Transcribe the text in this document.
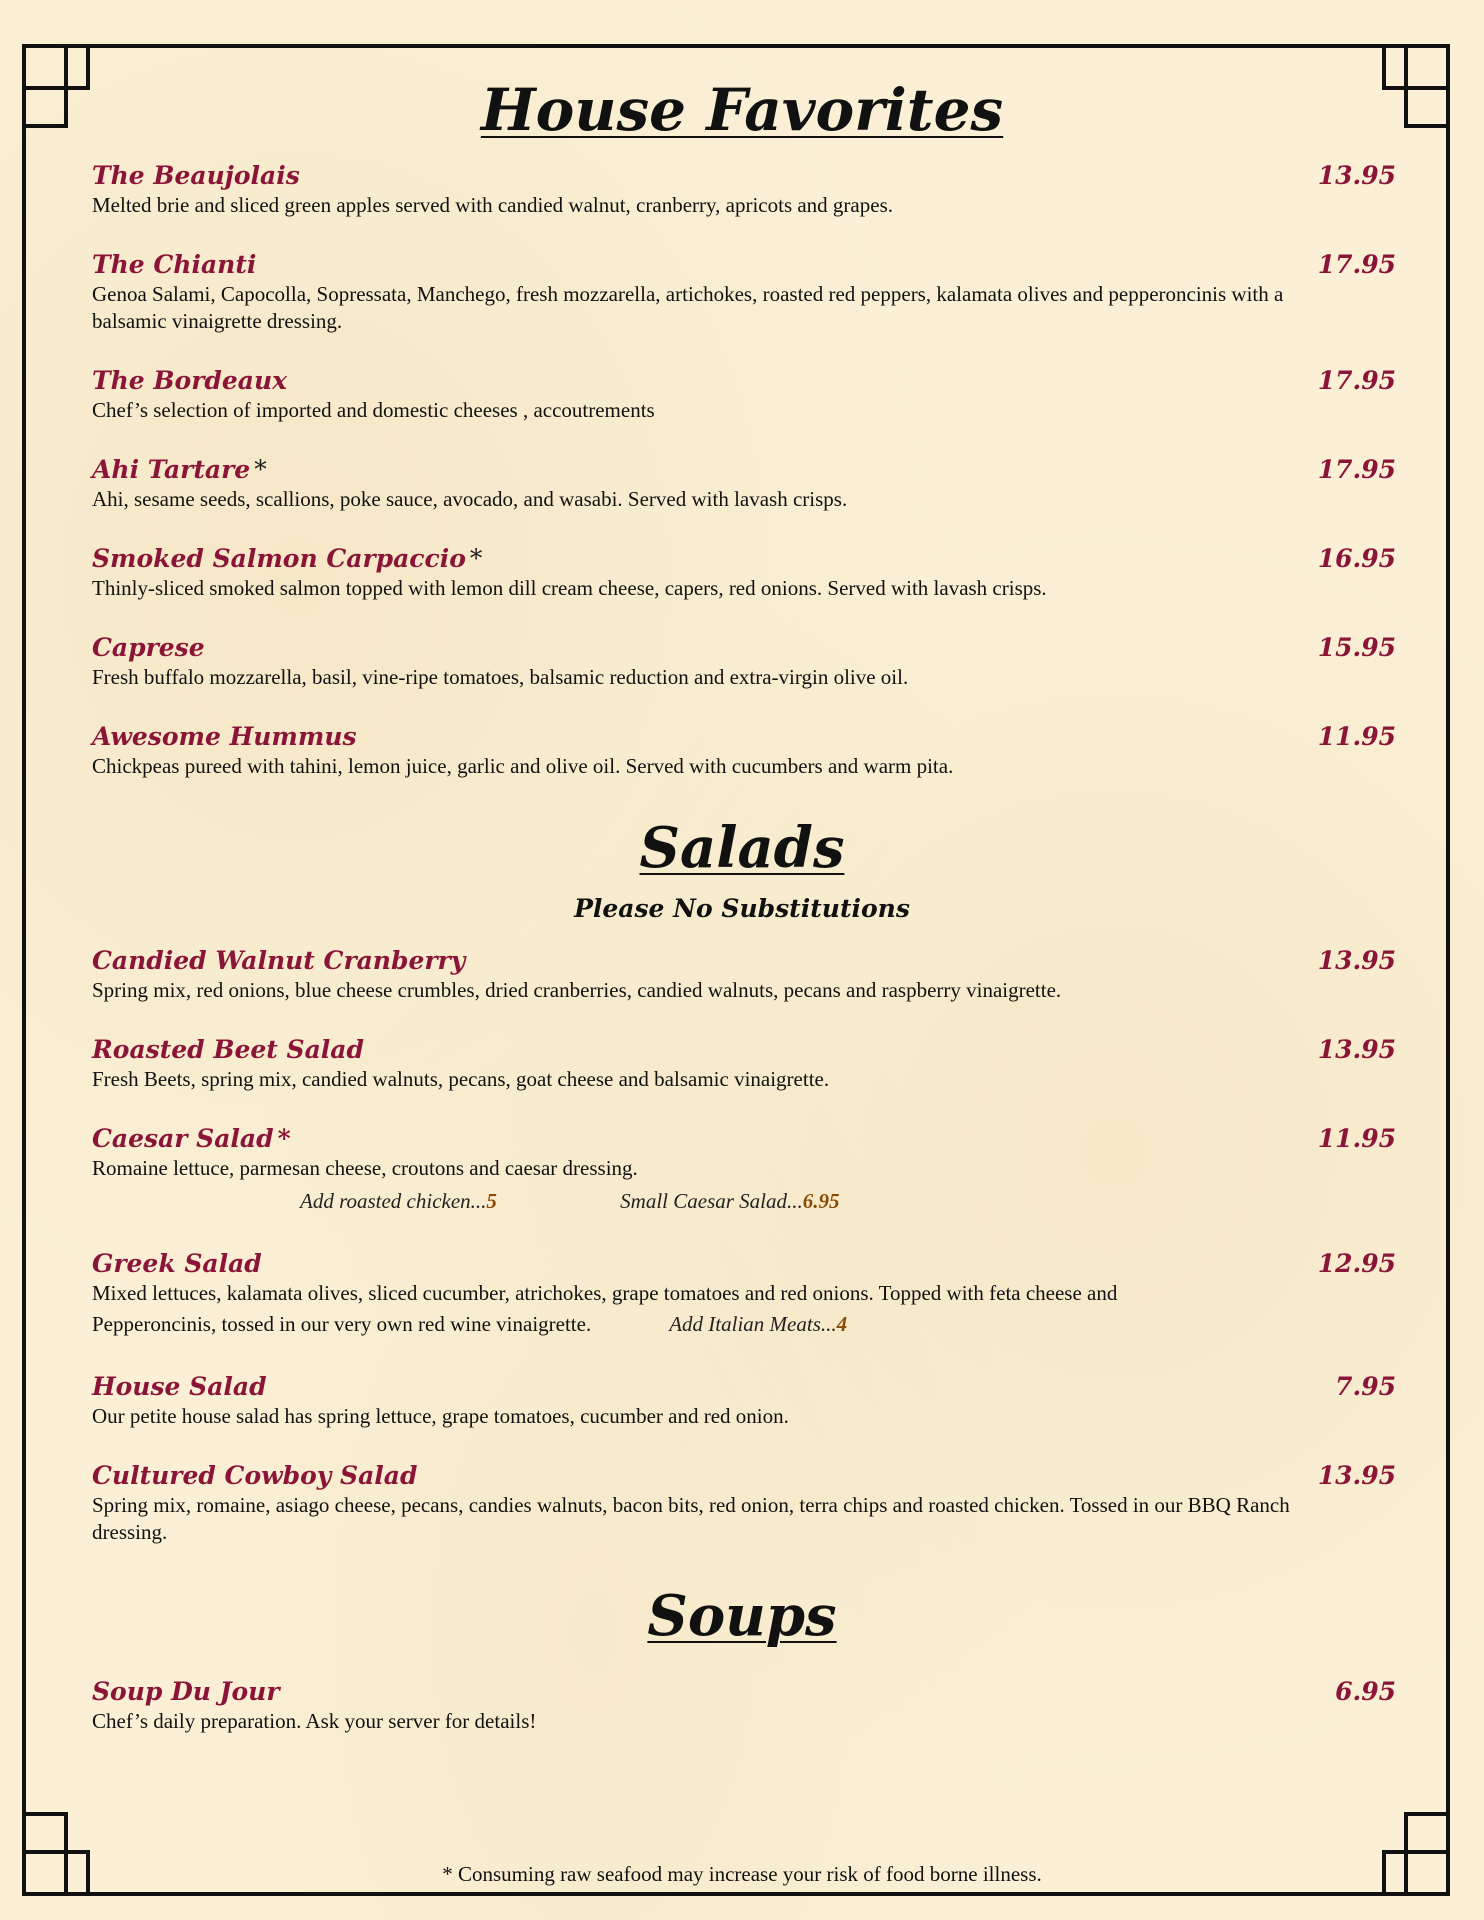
House Favorites
The Beaujolais	13.95
Melted brie and sliced green apples served with candied walnut, cranberry, apricots and grapes.
The Chianti	17.95
Genoa Salami, Capocolla, Sopressata, Manchego, fresh mozzarella, artichokes, roasted red peppers, kalamata olives and pepperoncinis with a balsamic vinaigrette dressing.
The Bordeaux	17.95
Chef’s selection of imported and domestic cheeses , accoutrements
Ahi Tartare *	17.95
Ahi, sesame seeds, scallions, poke sauce, avocado, and wasabi. Served with lavash crisps.
Smoked Salmon Carpaccio *	16.95
Thinly-sliced smoked salmon topped with lemon dill cream cheese, capers, red onions. Served with lavash crisps.
Caprese	15.95
Fresh buffalo mozzarella, basil, vine-ripe tomatoes, balsamic reduction and extra-virgin olive oil.
Awesome Hummus	11.95
Chickpeas pureed with tahini, lemon juice, garlic and olive oil. Served with cucumbers and warm pita.
Salads
Please No Substitutions
Candied Walnut Cranberry	13.95
Spring mix, red onions, blue cheese crumbles, dried cranberries, candied walnuts, pecans and raspberry vinaigrette.
Roasted Beet Salad	13.95
Fresh Beets, spring mix, candied walnuts, pecans, goat cheese and balsamic vinaigrette.
Caesar Salad *	11.95
Romaine lettuce, parmesan cheese, croutons and caesar dressing.
Add roasted chicken...5	Small Caesar Salad...6.95
Greek Salad	12.95
Mixed lettuces, kalamata olives, sliced cucumber, atrichokes, grape tomatoes and red onions. Topped with feta cheese and
Pepperoncinis, tossed in our very own red wine vinaigrette.	Add Italian Meats...4
House Salad	7.95
Our petite house salad has spring lettuce, grape tomatoes, cucumber and red onion.
Cultured Cowboy Salad	13.95
Spring mix, romaine, asiago cheese, pecans, candies walnuts, bacon bits, red onion, terra chips and roasted chicken. Tossed in our BBQ Ranch dressing.
Soups
Soup Du Jour	6.95
Chef’s daily preparation. Ask your server for details!
* Consuming raw seafood may increase your risk of food borne illness.
